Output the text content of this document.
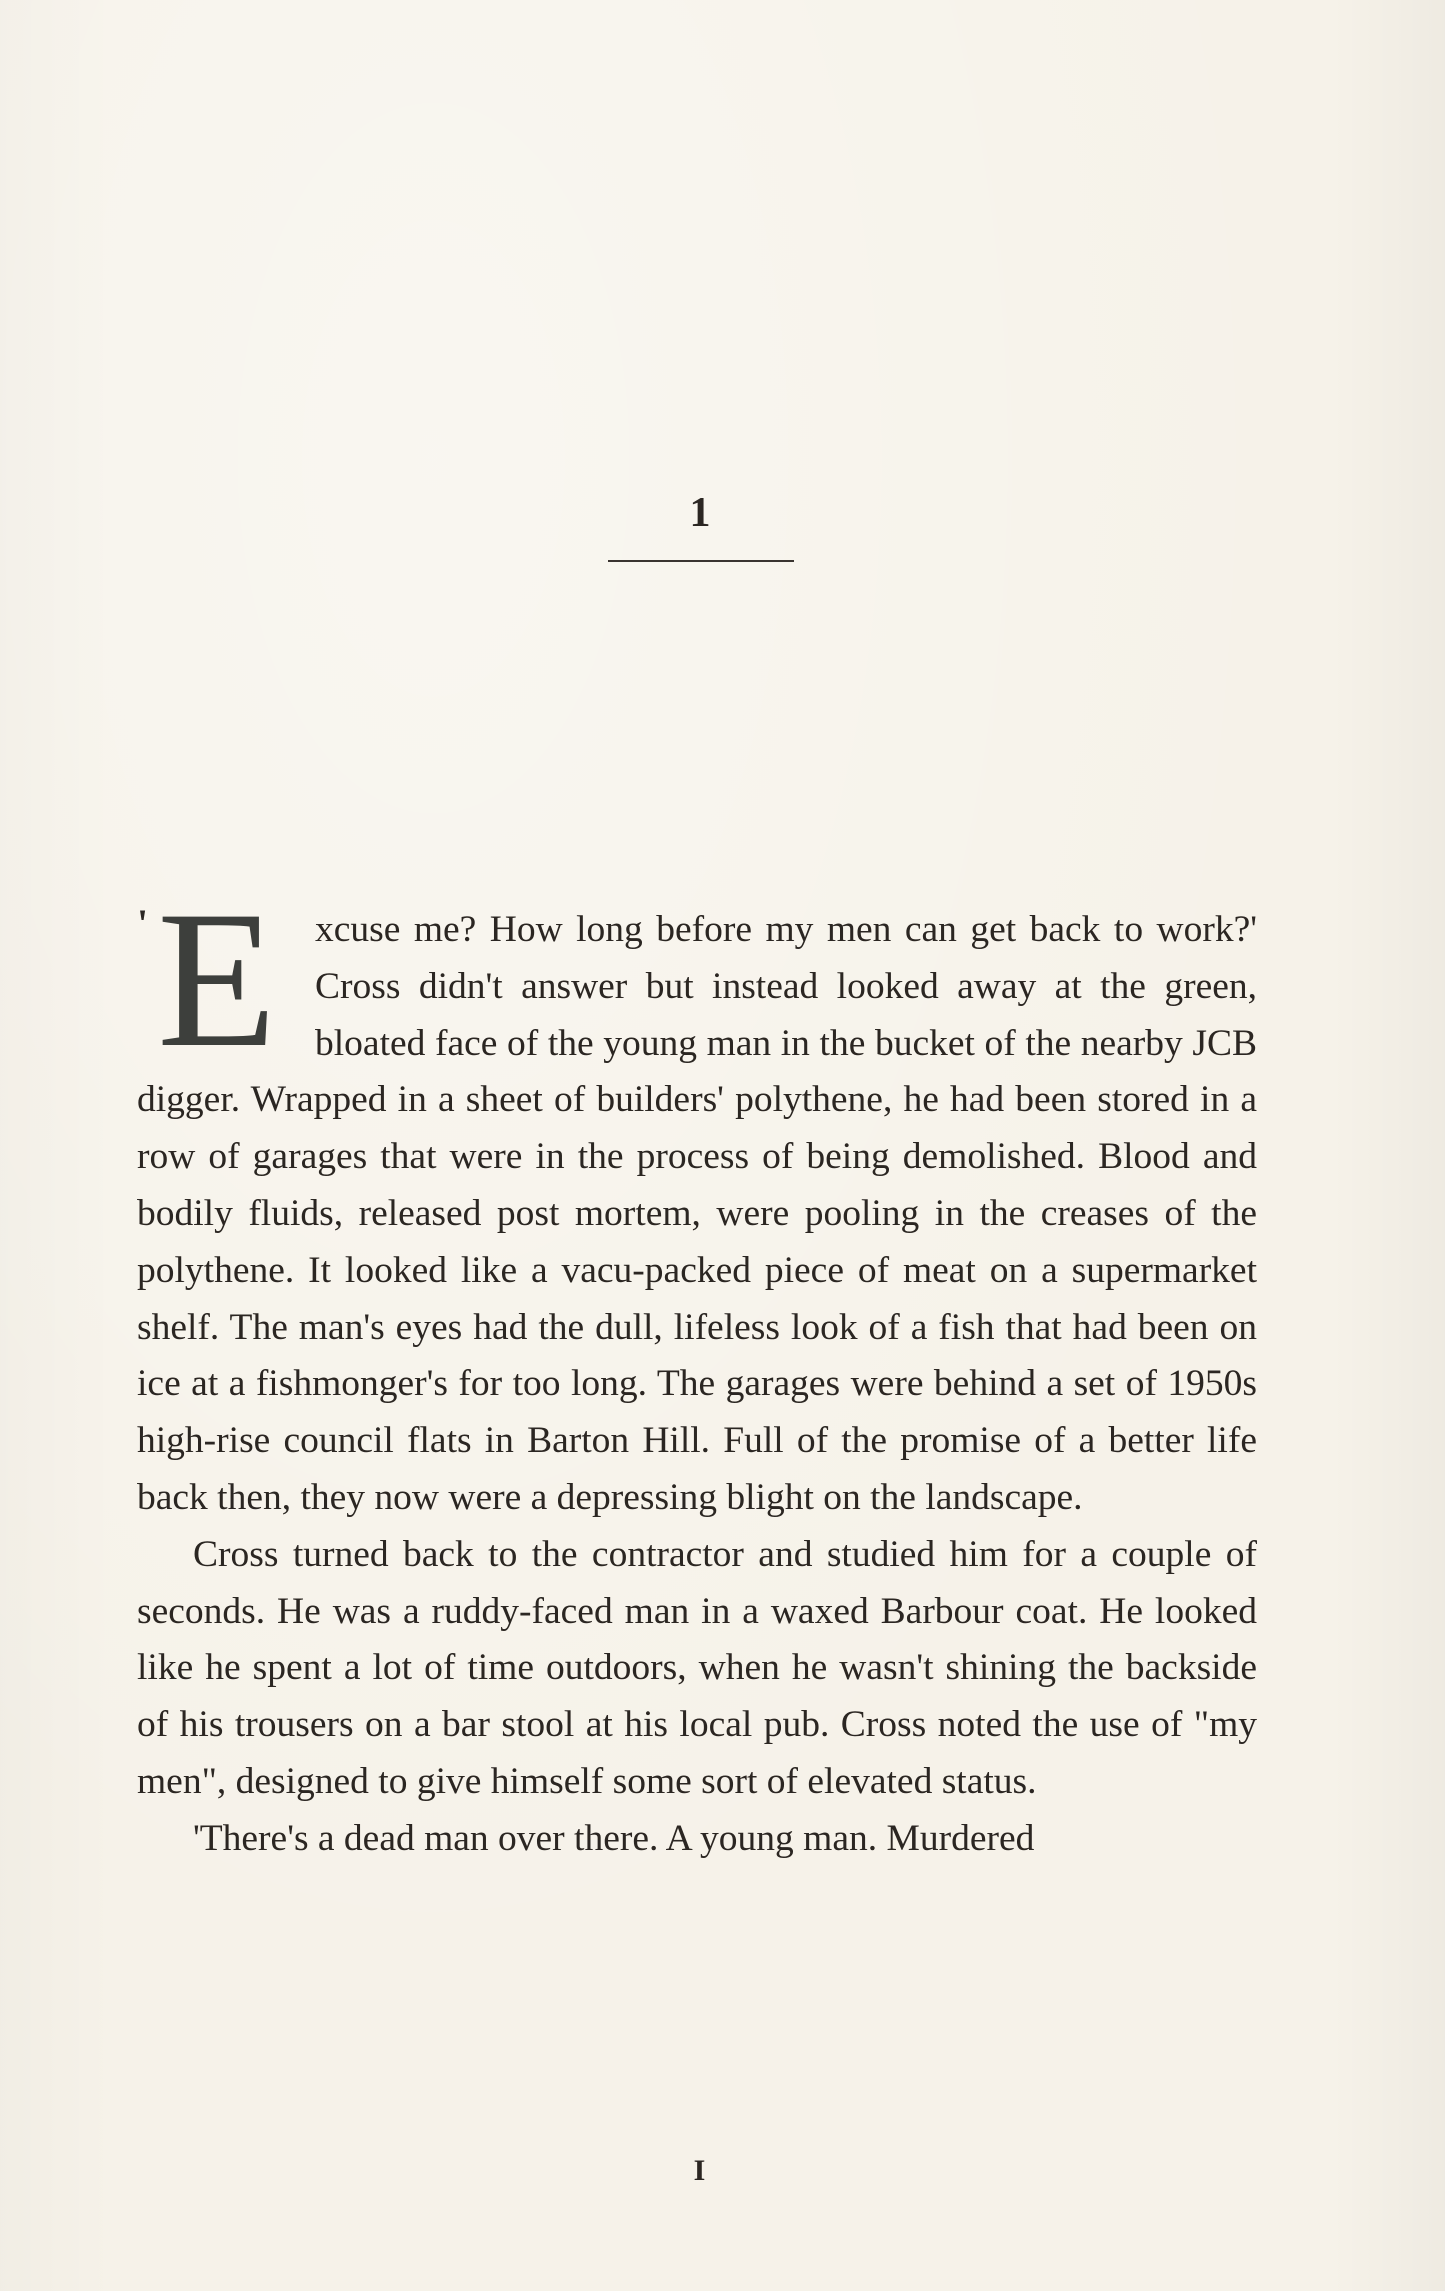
1

' E xcuse me? How long before my men can get back to work?' Cross didn't answer but instead looked away at the green, bloated face of the young man in the bucket of the nearby JCB digger. Wrapped in a sheet of builders' polythene, he had been stored in a row of garages that were in the process of being demolished. Blood and bodily fluids, released post mortem, were pooling in the creases of the polythene. It looked like a vacu-packed piece of meat on a supermarket shelf. The man's eyes had the dull, lifeless look of a fish that had been on ice at a fishmonger's for too long. The garages were behind a set of 1950s high-rise council flats in Barton Hill. Full of the promise of a better life back then, they now were a depressing blight on the landscape.

Cross turned back to the contractor and studied him for a couple of seconds. He was a ruddy-faced man in a waxed Barbour coat. He looked like he spent a lot of time outdoors, when he wasn't shining the backside of his trousers on a bar stool at his local pub. Cross noted the use of "my men", designed to give himself some sort of elevated status.

'There's a dead man over there. A young man. Murdered

I
